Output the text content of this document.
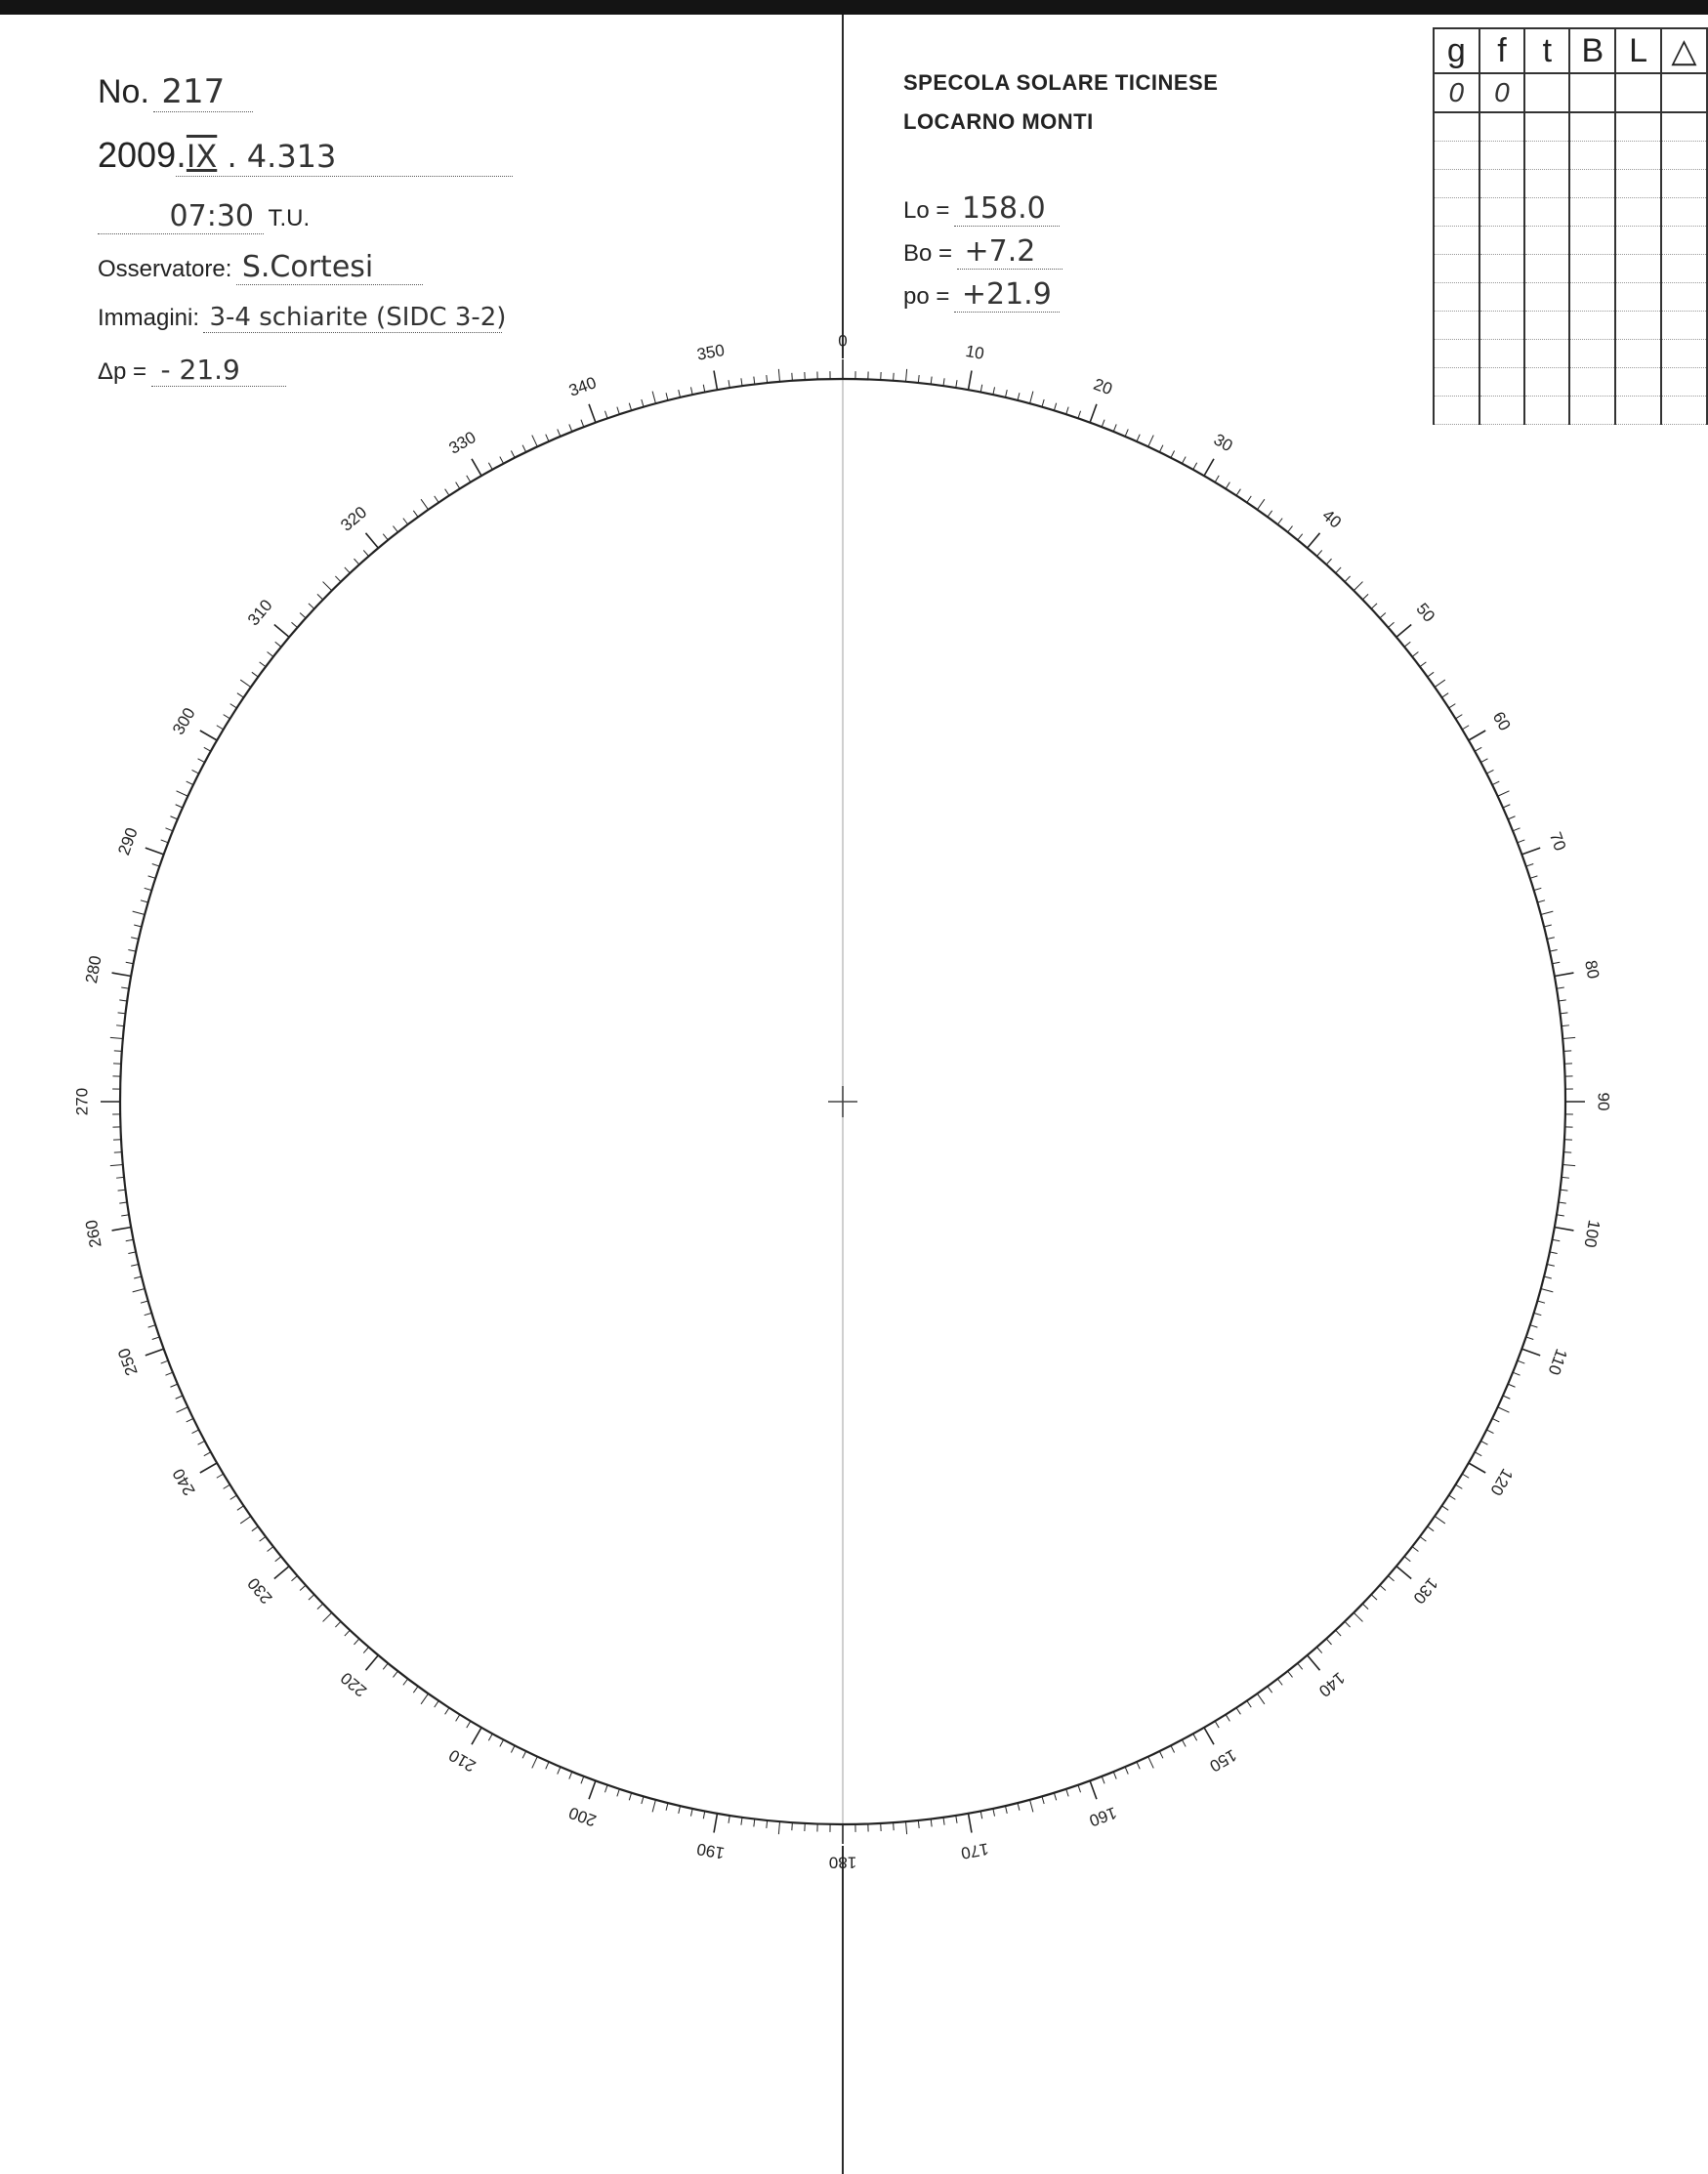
No. 217
2009.IX . 4.313
07:30 T.U.
Osservatore: S.Cortesi
Immagini: 3-4 schiarite (SIDC 3-2)
Δp = - 21.9
SPECOLA SOLARE TICINESE
LOCARNO MONTI
Lo = 158.0
Bo = +7.2
po = +21.9
g	f	t	B	L	△
0	0				

0
10
20
30
40
50
60
70
80
90
100
110
120
130
140
150
160
170
180
190
200
210
220
230
240
250
260
270
280
290
300
310
320
330
340
350
